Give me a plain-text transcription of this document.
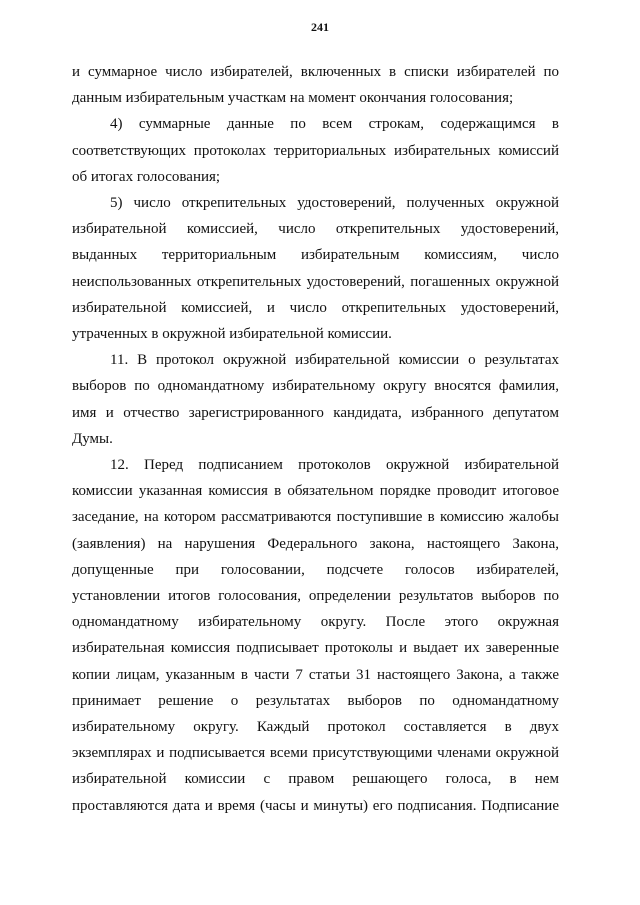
241
и суммарное число избирателей, включенных в списки избирателей по
данным избирательным участкам на момент окончания голосования;
4) суммарные данные по всем строкам, содержащимся в
соответствующих протоколах территориальных избирательных комиссий
об итогах голосования;
5) число открепительных удостоверений, полученных окружной
избирательной комиссией, число открепительных удостоверений,
выданных территориальным избирательным комиссиям, число
неиспользованных открепительных удостоверений, погашенных окружной
избирательной комиссией, и число открепительных удостоверений,
утраченных в окружной избирательной комиссии.
11. В протокол окружной избирательной комиссии о результатах
выборов по одномандатному избирательному округу вносятся фамилия,
имя и отчество зарегистрированного кандидата, избранного депутатом
Думы.
12. Перед подписанием протоколов окружной избирательной
комиссии указанная комиссия в обязательном порядке проводит итоговое
заседание, на котором рассматриваются поступившие в комиссию жалобы
(заявления) на нарушения Федерального закона, настоящего Закона,
допущенные при голосовании, подсчете голосов избирателей,
установлении итогов голосования, определении результатов выборов по
одномандатному избирательному округу. После этого окружная
избирательная комиссия подписывает протоколы и выдает их заверенные
копии лицам, указанным в части 7 статьи 31 настоящего Закона, а также
принимает решение о результатах выборов по одномандатному
избирательному округу. Каждый протокол составляется в двух
экземплярах и подписывается всеми присутствующими членами окружной
избирательной комиссии с правом решающего голоса, в нем
проставляются дата и время (часы и минуты) его подписания. Подписание
